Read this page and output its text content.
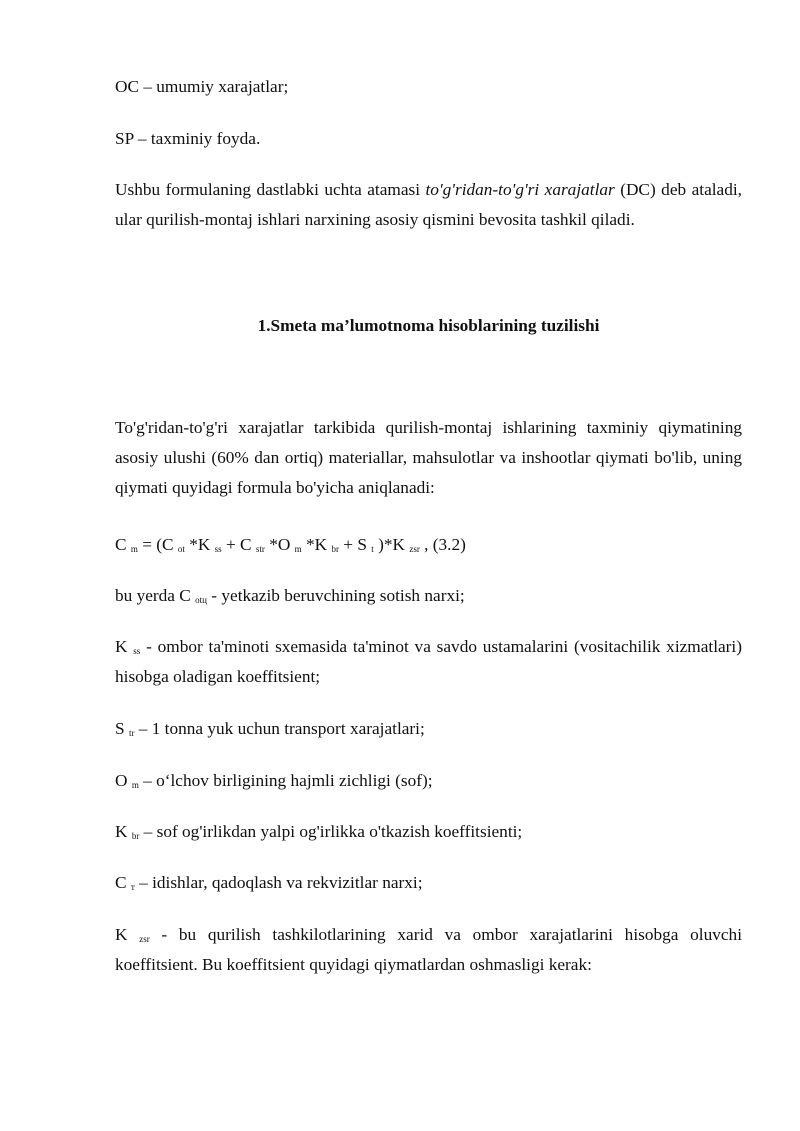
OC – umumiy xarajatlar;

SP – taxminiy foyda.

Ushbu formulaning dastlabki uchta atamasi to'g'ridan-to'g'ri xarajatlar (DC) deb ataladi, ular qurilish-montaj ishlari narxining asosiy qismini bevosita tashkil qiladi.

1.Smeta ma’lumotnoma hisoblarining tuzilishi

To'g'ridan-to'g'ri xarajatlar tarkibida qurilish-montaj ishlarining taxminiy qiymatining asosiy ulushi (60% dan ortiq) materiallar, mahsulotlar va inshootlar qiymati bo'lib, uning qiymati quyidagi formula bo'yicha aniqlanadi:

C $_m$ = (C $_{ot}$ *K $_{ss}$ + C $_{str}$ *O $_m$ *K $_{br}$ + S $_t$ )*K $_{zsr}$ , (3.2)

bu yerda C $_{otц}$ - yetkazib beruvchining sotish narxi;

K $_{ss}$ - ombor ta'minoti sxemasida ta'minot va savdo ustamalarini (vositachilik xizmatlari) hisobga oladigan koeffitsient;

S $_{tr}$ – 1 tonna yuk uchun transport xarajatlari;

O $_m$ – o‘lchov birligining hajmli zichligi (sof);

K $_{br}$ – sof og'irlikdan yalpi og'irlikka o'tkazish koeffitsienti;

C $_т$ – idishlar, qadoqlash va rekvizitlar narxi;

K $_{zsr}$ - bu qurilish tashkilotlarining xarid va ombor xarajatlarini hisobga oluvchi koeffitsient. Bu koeffitsient quyidagi qiymatlardan oshmasligi kerak:
